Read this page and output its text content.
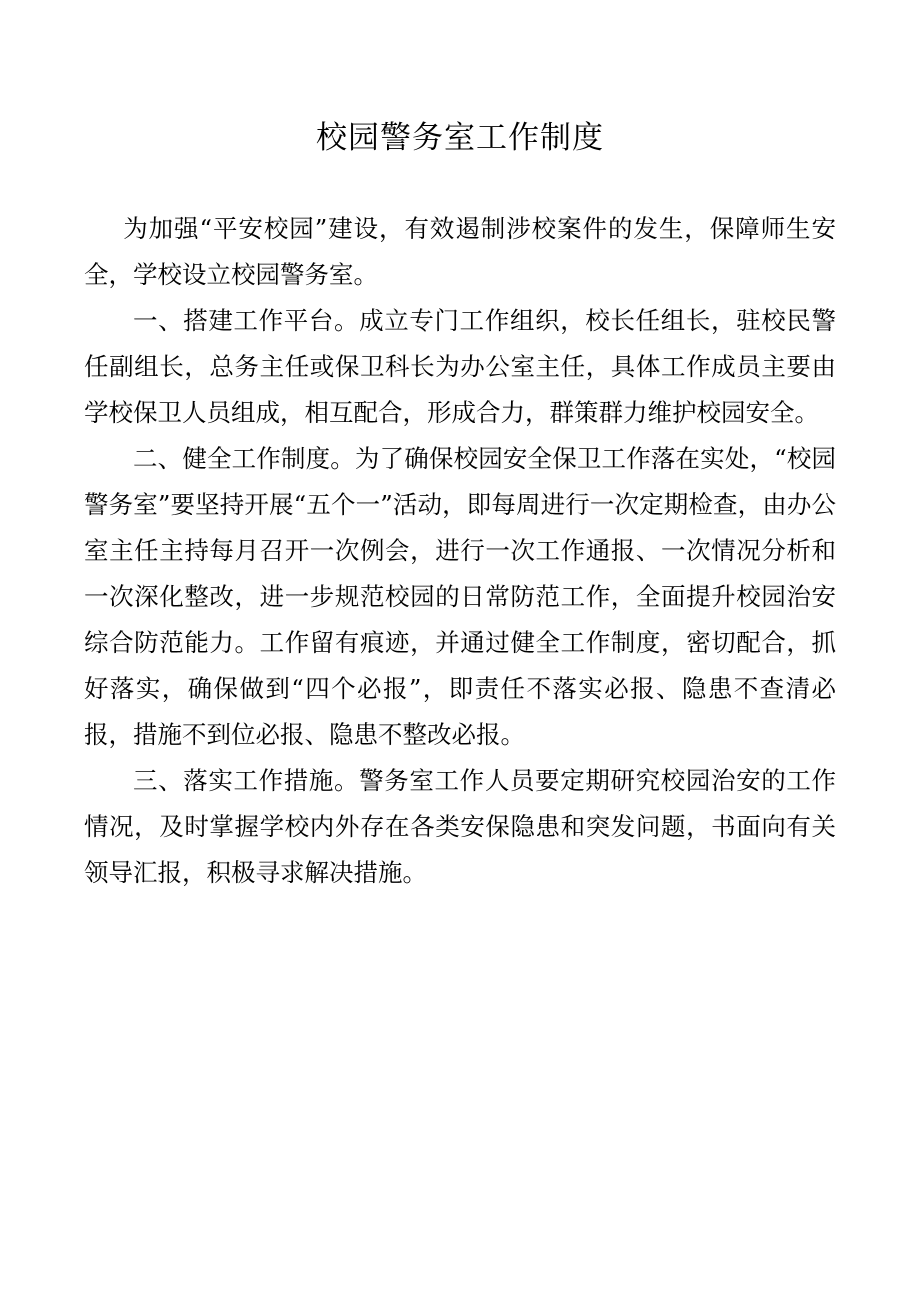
校园警务室工作制度

为加强“平安校园”建设，有效遏制涉校案件的发生，保障师生安全，学校设立校园警务室。

一、搭建工作平台。成立专门工作组织，校长任组长，驻校民警任副组长，总务主任或保卫科长为办公室主任，具体工作成员主要由学校保卫人员组成，相互配合，形成合力，群策群力维护校园安全。

二、健全工作制度。为了确保校园安全保卫工作落在实处，“校园警务室”要坚持开展“五个一”活动，即每周进行一次定期检查，由办公室主任主持每月召开一次例会，进行一次工作通报、一次情况分析和一次深化整改，进一步规范校园的日常防范工作，全面提升校园治安综合防范能力。工作留有痕迹，并通过健全工作制度，密切配合，抓好落实，确保做到“四个必报”，即责任不落实必报、隐患不查清必报，措施不到位必报、隐患不整改必报。

三、落实工作措施。警务室工作人员要定期研究校园治安的工作情况，及时掌握学校内外存在各类安保隐患和突发问题，书面向有关领导汇报，积极寻求解决措施。
